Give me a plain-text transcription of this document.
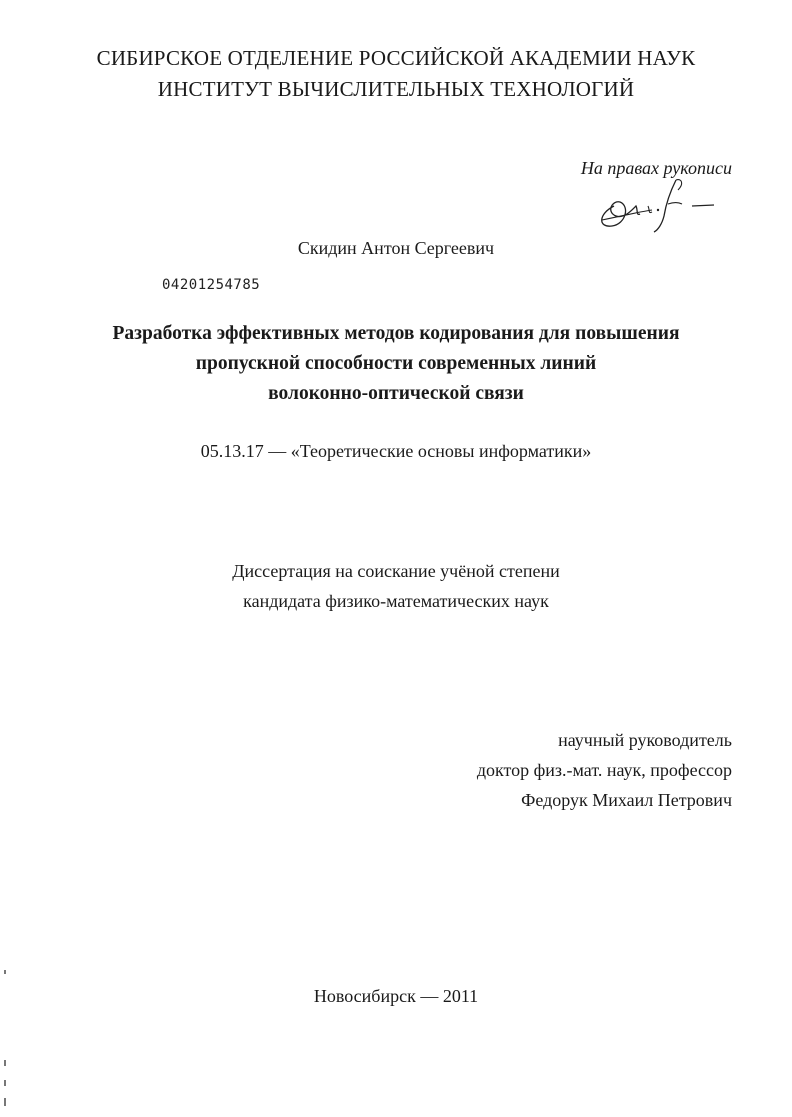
СИБИРСКОЕ ОТДЕЛЕНИЕ РОССИЙСКОЙ АКАДЕМИИ НАУК
ИНСТИТУТ ВЫЧИСЛИТЕЛЬНЫХ ТЕХНОЛОГИЙ
На правах рукописи
Скидин Антон Сергеевич
04201254785
Разработка эффективных методов кодирования для повышения
пропускной способности современных линий
волоконно-оптической связи
05.13.17 — «Теоретические основы информатики»
Диссертация на соискание учёной степени
кандидата физико-математических наук
научный руководитель
доктор физ.-мат. наук, профессор
Федорук Михаил Петрович
Новосибирск — 2011
